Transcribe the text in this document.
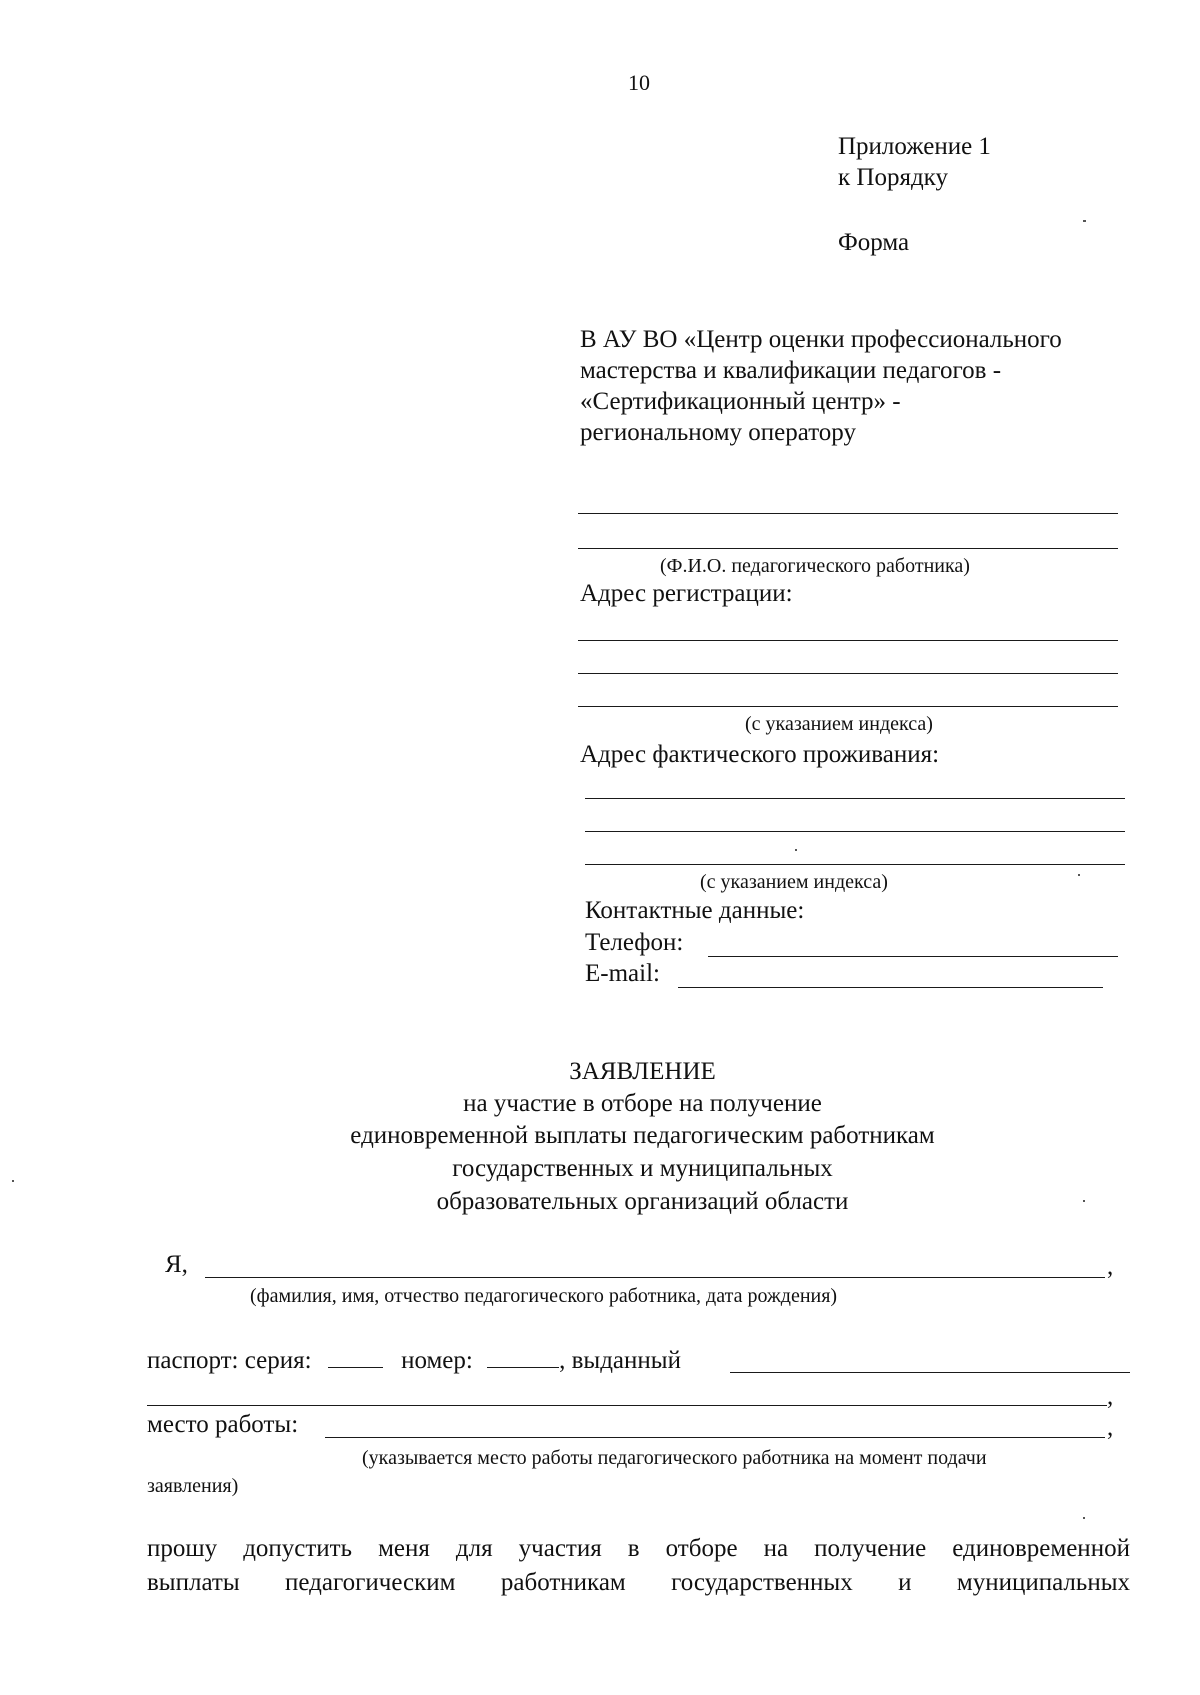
10
Приложение 1
к Порядку
Форма
В АУ ВО «Центр оценки профессионального
мастерства и квалификации педагогов -
«Сертификационный центр» -
региональному оператору
(Ф.И.О. педагогического работника)
Адрес регистрации:
(с указанием индекса)
Адрес фактического проживания:
(с указанием индекса)
Контактные данные:
Телефон:
E-mail:
ЗАЯВЛЕНИЕ
на участие в отборе на получение
единовременной выплаты педагогическим работникам
государственных и муниципальных
образовательных организаций области
Я,	,
(фамилия, имя, отчество педагогического работника, дата рождения)
паспорт: серия:	номер:	, выданный
,
место работы:	,
(указывается место работы педагогического работника на момент подачи
заявления)
прошу допустить меня для участия в отборе на получение единовременной
выплаты педагогическим работникам государственных и муниципальных
